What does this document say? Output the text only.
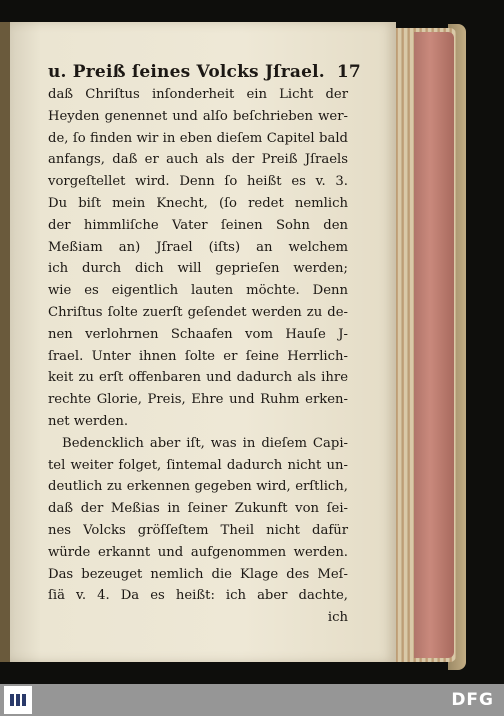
u. Preiß ſeines Volcks Jſrael. 17
daß Chriſtus inſonderheit ein Licht der
Heyden genennet und alſo beſchrieben wer-
de, ſo finden wir in eben dieſem Capitel bald
anfangs, daß er auch als der Preiß Jſraels
vorgeſtellet wird. Denn ſo heißt es v. 3.
Du biſt mein Knecht, (ſo redet nemlich
der himmliſche Vater ſeinen Sohn den
Meßiam an) Jſrael (iſts) an welchem
ich durch dich will geprieſen werden;
wie es eigentlich lauten möchte. Denn
Chriſtus ſolte zuerſt geſendet werden zu de-
nen verlohrnen Schaafen vom Hauſe J-
ſrael. Unter ihnen ſolte er ſeine Herrlich-
keit zu erſt offenbaren und dadurch als ihre
rechte Glorie, Preis, Ehre und Ruhm erken-
net werden.
Bedencklich aber iſt, was in dieſem Capi-
tel weiter folget, ſintemal dadurch nicht un-
deutlich zu erkennen gegeben wird, erſtlich,
daß der Meßias in ſeiner Zukunft von ſei-
nes Volcks gröſſeſtem Theil nicht dafür
würde erkannt und aufgenommen werden.
Das bezeuget nemlich die Klage des Meſ-
ſiä v. 4. Da es heißt: ich aber dachte,
ich
DFG
